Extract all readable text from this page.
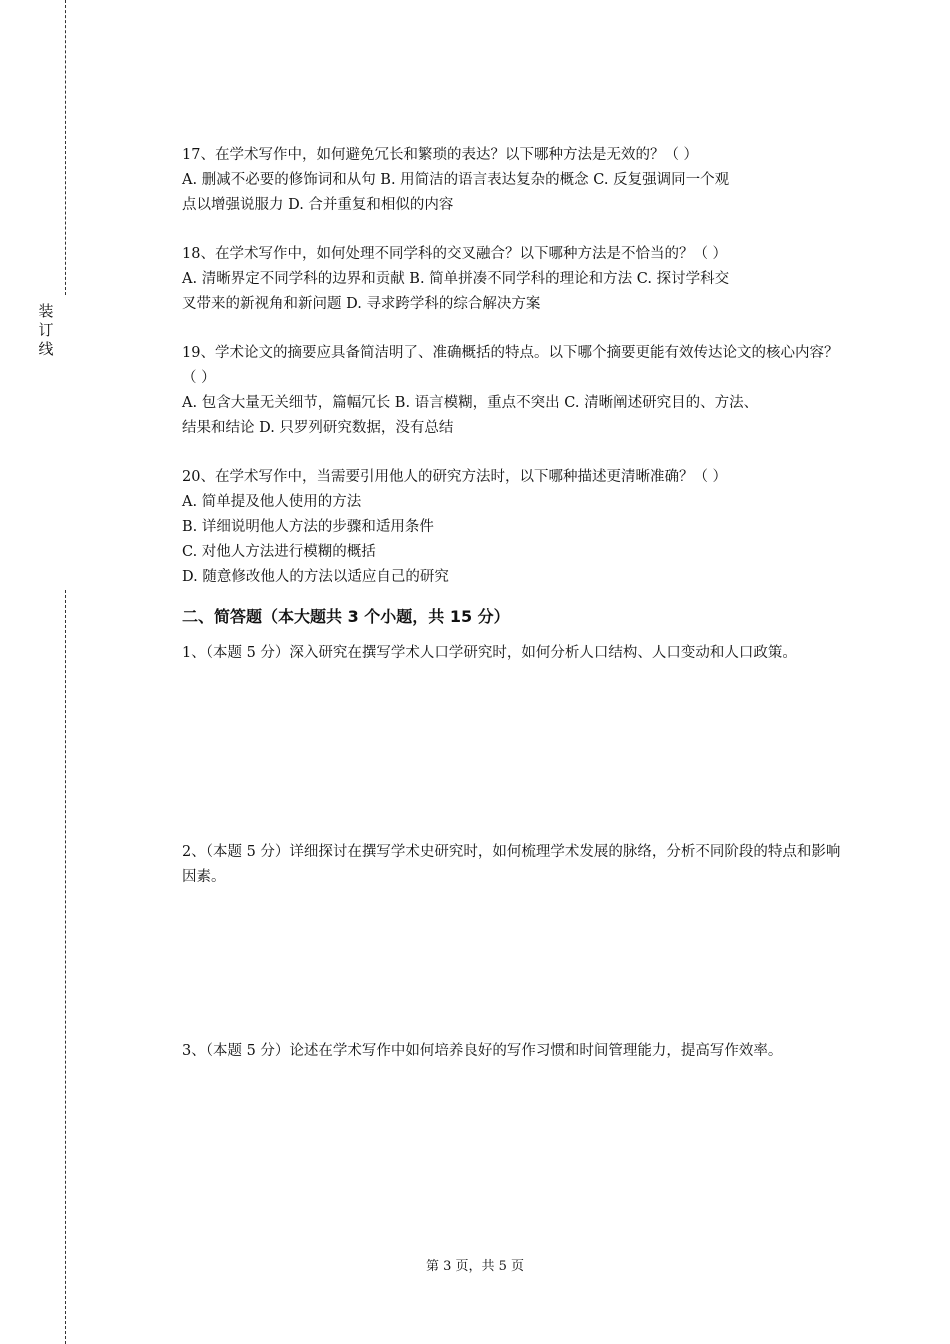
装
订
线
17、在学术写作中，如何避免冗长和繁琐的表达？以下哪种方法是无效的？（ ）
A. 删减不必要的修饰词和从句 B. 用简洁的语言表达复杂的概念 C. 反复强调同一个观
点以增强说服力 D. 合并重复和相似的内容
18、在学术写作中，如何处理不同学科的交叉融合？以下哪种方法是不恰当的？（ ）
A. 清晰界定不同学科的边界和贡献 B. 简单拼凑不同学科的理论和方法 C. 探讨学科交
叉带来的新视角和新问题 D. 寻求跨学科的综合解决方案
19、学术论文的摘要应具备简洁明了、准确概括的特点。以下哪个摘要更能有效传达论文的核心内容？（ ）
A. 包含大量无关细节，篇幅冗长 B. 语言模糊，重点不突出 C. 清晰阐述研究目的、方法、
结果和结论 D. 只罗列研究数据，没有总结
20、在学术写作中，当需要引用他人的研究方法时，以下哪种描述更清晰准确？（ ）
A. 简单提及他人使用的方法
B. 详细说明他人方法的步骤和适用条件
C. 对他人方法进行模糊的概括
D. 随意修改他人的方法以适应自己的研究
二、简答题（本大题共 3 个小题，共 15 分）
1、（本题 5 分）深入研究在撰写学术人口学研究时，如何分析人口结构、人口变动和人口政策。
2、（本题 5 分）详细探讨在撰写学术史研究时，如何梳理学术发展的脉络，分析不同阶段的特点和影响因素。
3、（本题 5 分）论述在学术写作中如何培养良好的写作习惯和时间管理能力，提高写作效率。
第 3 页，共 5 页
